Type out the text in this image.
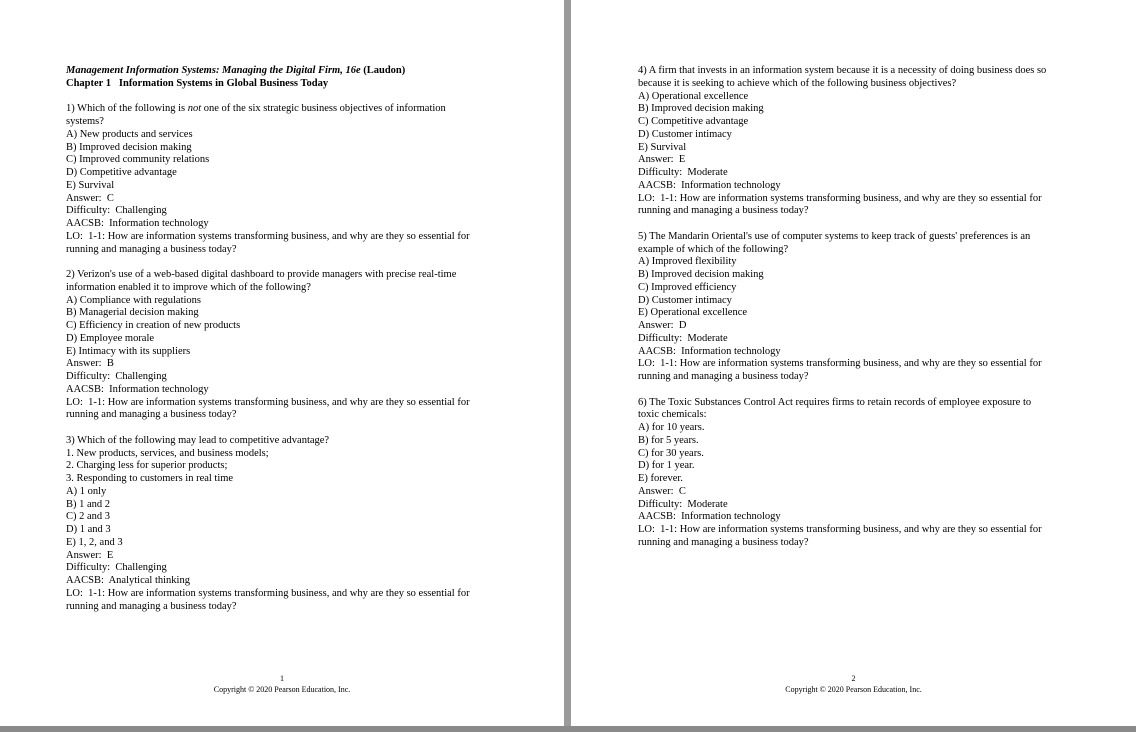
Management Information Systems: Managing the Digital Firm, 16e (Laudon)
Chapter 1   Information Systems in Global Business Today
1) Which of the following is not one of the six strategic business objectives of information
systems?
A) New products and services
B) Improved decision making
C) Improved community relations
D) Competitive advantage
E) Survival
Answer:  C
Difficulty:  Challenging
AACSB:  Information technology
LO:  1-1: How are information systems transforming business, and why are they so essential for
running and managing a business today?
2) Verizon's use of a web-based digital dashboard to provide managers with precise real-time
information enabled it to improve which of the following?
A) Compliance with regulations
B) Managerial decision making
C) Efficiency in creation of new products
D) Employee morale
E) Intimacy with its suppliers
Answer:  B
Difficulty:  Challenging
AACSB:  Information technology
LO:  1-1: How are information systems transforming business, and why are they so essential for
running and managing a business today?
3) Which of the following may lead to competitive advantage?
1. New products, services, and business models;
2. Charging less for superior products;
3. Responding to customers in real time
A) 1 only
B) 1 and 2
C) 2 and 3
D) 1 and 3
E) 1, 2, and 3
Answer:  E
Difficulty:  Challenging
AACSB:  Analytical thinking
LO:  1-1: How are information systems transforming business, and why are they so essential for
running and managing a business today?
1
Copyright © 2020 Pearson Education, Inc.
4) A firm that invests in an information system because it is a necessity of doing business does so
because it is seeking to achieve which of the following business objectives?
A) Operational excellence
B) Improved decision making
C) Competitive advantage
D) Customer intimacy
E) Survival
Answer:  E
Difficulty:  Moderate
AACSB:  Information technology
LO:  1-1: How are information systems transforming business, and why are they so essential for
running and managing a business today?
5) The Mandarin Oriental's use of computer systems to keep track of guests' preferences is an
example of which of the following?
A) Improved flexibility
B) Improved decision making
C) Improved efficiency
D) Customer intimacy
E) Operational excellence
Answer:  D
Difficulty:  Moderate
AACSB:  Information technology
LO:  1-1: How are information systems transforming business, and why are they so essential for
running and managing a business today?
6) The Toxic Substances Control Act requires firms to retain records of employee exposure to
toxic chemicals:
A) for 10 years.
B) for 5 years.
C) for 30 years.
D) for 1 year.
E) forever.
Answer:  C
Difficulty:  Moderate
AACSB:  Information technology
LO:  1-1: How are information systems transforming business, and why are they so essential for
running and managing a business today?
2
Copyright © 2020 Pearson Education, Inc.
